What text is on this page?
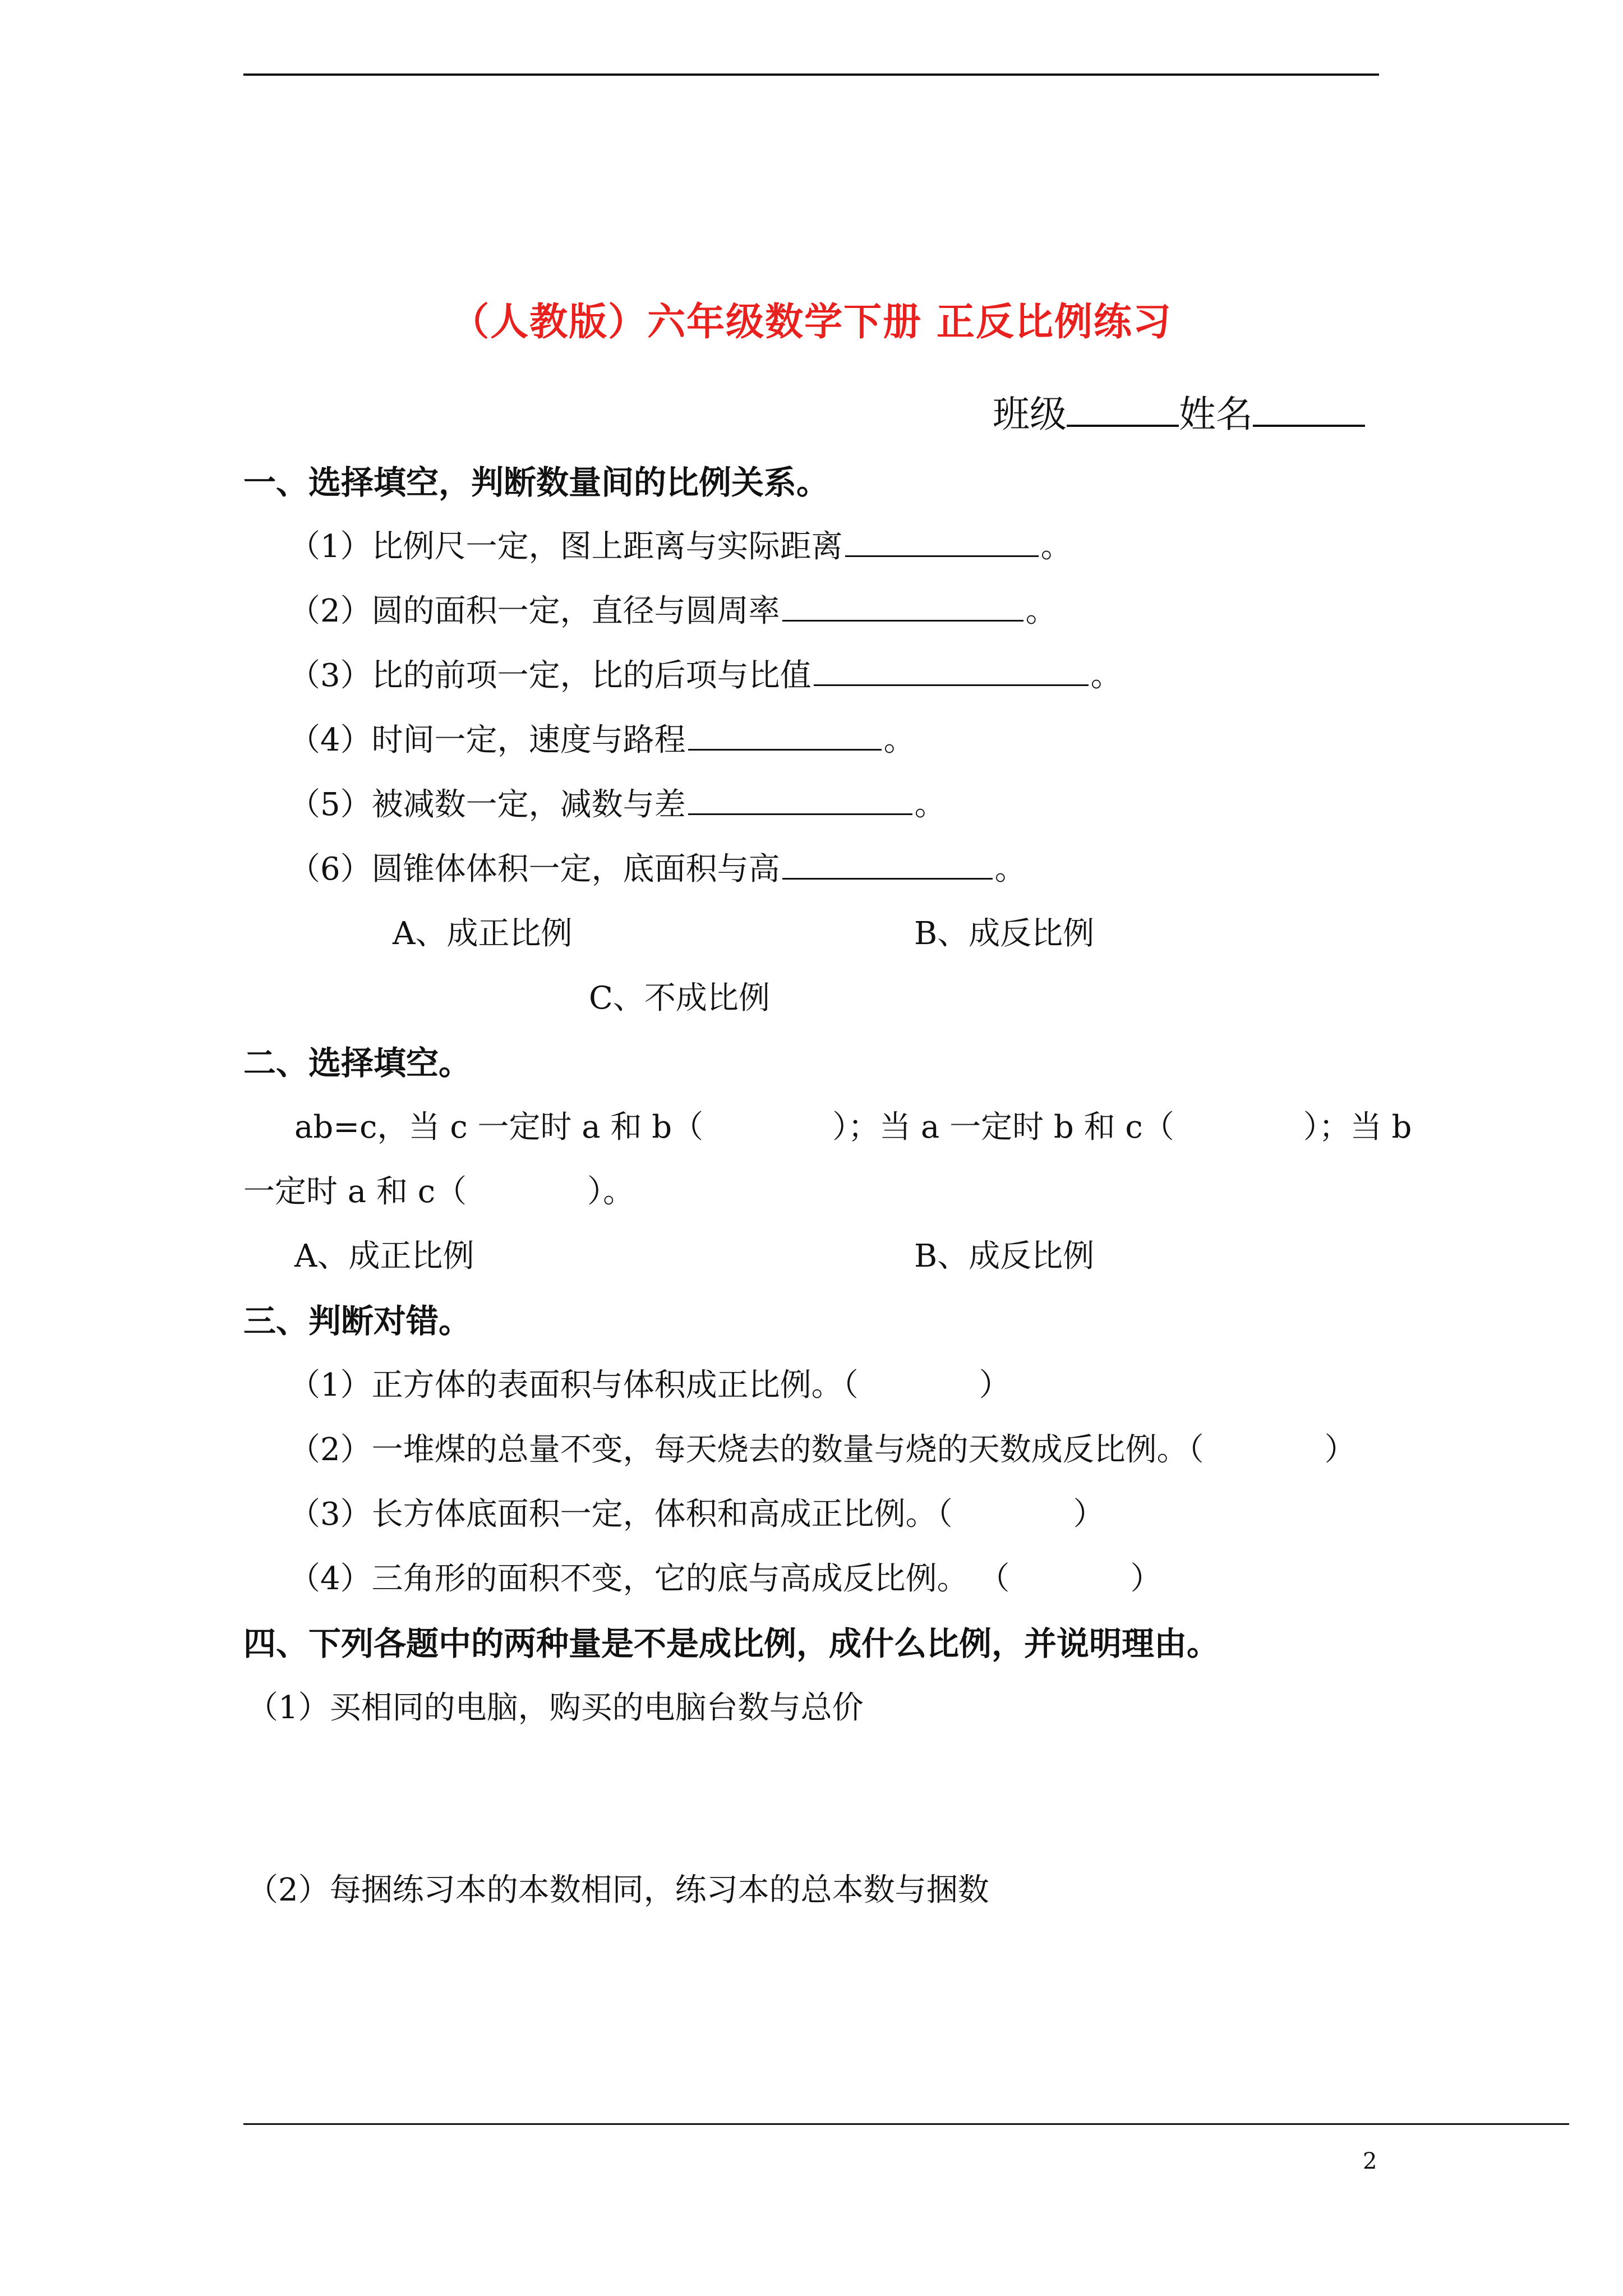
（人教版）六年级数学下册 正反比例练习
班级	姓名
一、选择填空，判断数量间的比例关系。
（1）比例尺一定，图上距离与实际距离	。
（2）圆的面积一定，直径与圆周率	。
（3）比的前项一定，比的后项与比值	。
（4）时间一定，速度与路程	。
（5）被减数一定，减数与差	。
（6）圆锥体体积一定，底面积与高	。
A、成正比例	B、成反比例
C、不成比例
二、选择填空。
ab=c，当 c 一定时 a 和 b（	）；当 a 一定时 b 和 c（	）；当 b
一定时 a 和 c（	）。
A、成正比例	B、成反比例
三、判断对错。
（1）正方体的表面积与体积成正比例。（	）
（2）一堆煤的总量不变，每天烧去的数量与烧的天数成反比例。（	）
（3）长方体底面积一定，体积和高成正比例。（	）
（4）三角形的面积不变，它的底与高成反比例。 （	）
四、下列各题中的两种量是不是成比例，成什么比例，并说明理由。
（1）买相同的电脑，购买的电脑台数与总价
（2）每捆练习本的本数相同，练习本的总本数与捆数
2
